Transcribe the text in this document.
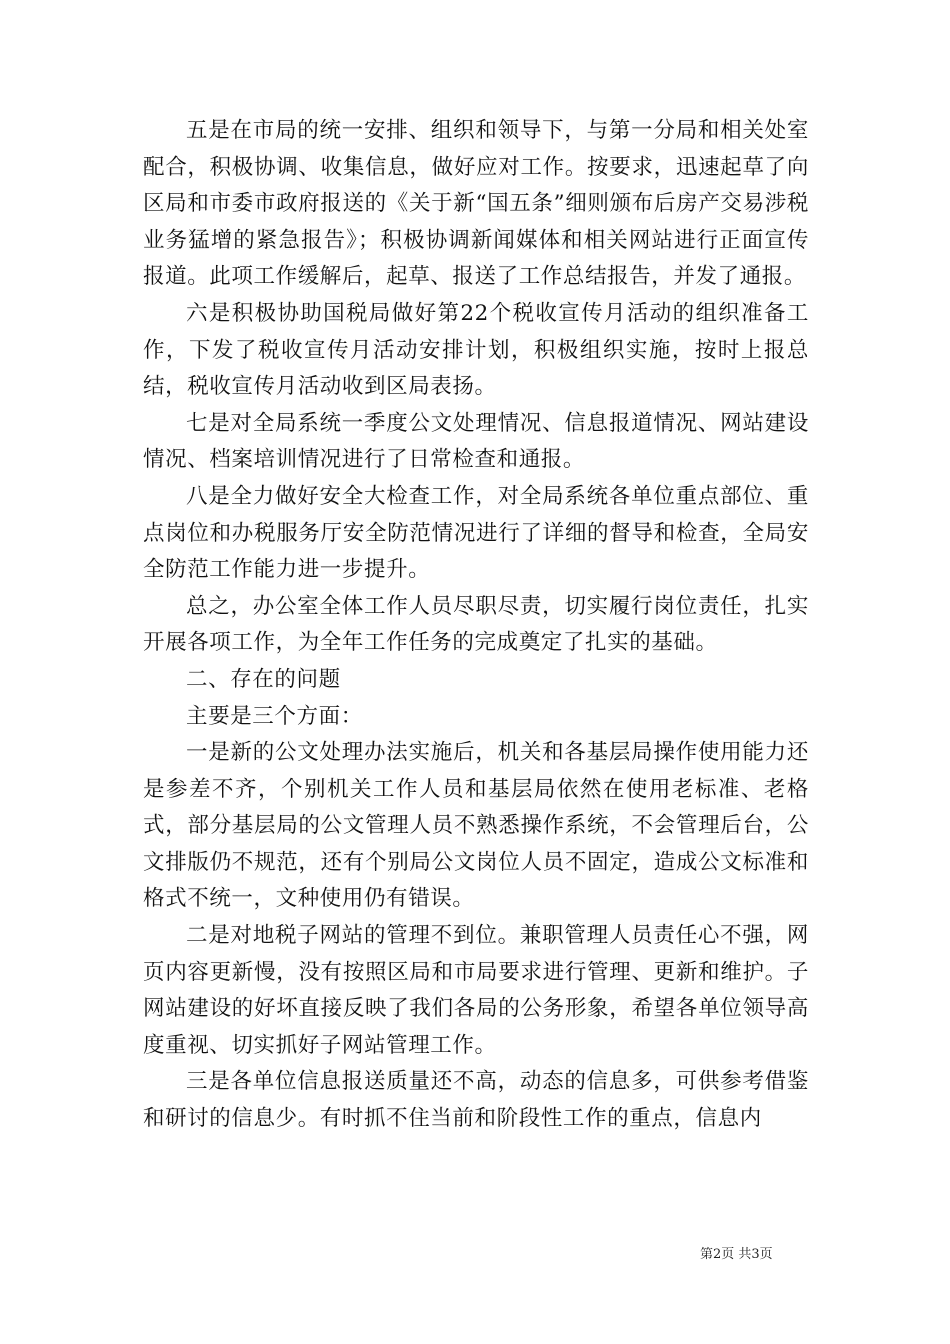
五是在市局的统一安排、组织和领导下，与第一分局和相关处室配合，积极协调、收集信息，做好应对工作。按要求，迅速起草了向区局和市委市政府报送的《关于新“国五条”细则颁布后房产交易涉税业务猛增的紧急报告》；积极协调新闻媒体和相关网站进行正面宣传报道。此项工作缓解后，起草、报送了工作总结报告，并发了通报。

六是积极协助国税局做好第22个税收宣传月活动的组织准备工作，下发了税收宣传月活动安排计划，积极组织实施，按时上报总结，税收宣传月活动收到区局表扬。

七是对全局系统一季度公文处理情况、信息报道情况、网站建设情况、档案培训情况进行了日常检查和通报。

八是全力做好安全大检查工作，对全局系统各单位重点部位、重点岗位和办税服务厅安全防范情况进行了详细的督导和检查，全局安全防范工作能力进一步提升。

总之，办公室全体工作人员尽职尽责，切实履行岗位责任，扎实开展各项工作，为全年工作任务的完成奠定了扎实的基础。

二、存在的问题

主要是三个方面：

一是新的公文处理办法实施后，机关和各基层局操作使用能力还是参差不齐，个别机关工作人员和基层局依然在使用老标准、老格式，部分基层局的公文管理人员不熟悉操作系统，不会管理后台，公文排版仍不规范，还有个别局公文岗位人员不固定，造成公文标准和格式不统一，文种使用仍有错误。

二是对地税子网站的管理不到位。兼职管理人员责任心不强，网页内容更新慢，没有按照区局和市局要求进行管理、更新和维护。子网站建设的好坏直接反映了我们各局的公务形象，希望各单位领导高度重视、切实抓好子网站管理工作。

三是各单位信息报送质量还不高，动态的信息多，可供参考借鉴和研讨的信息少。有时抓不住当前和阶段性工作的重点，信息内

第2页 共3页
